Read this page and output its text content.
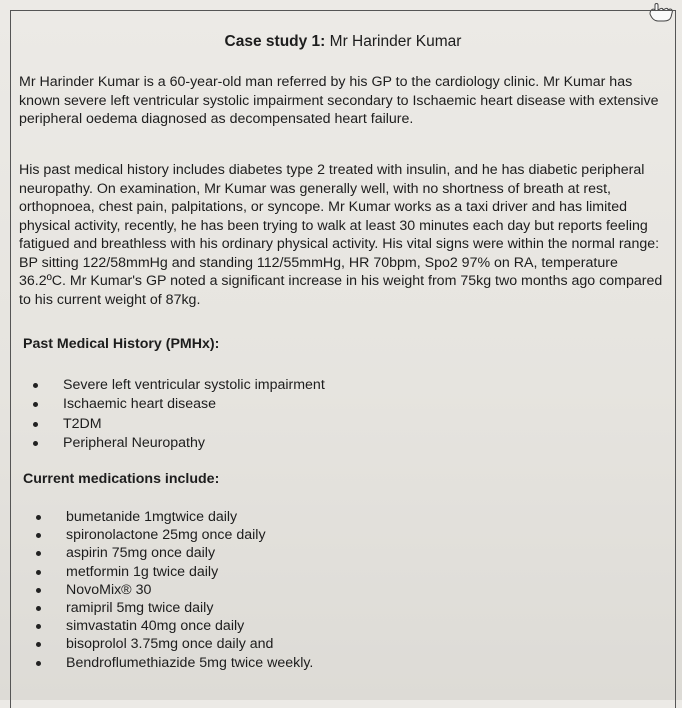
Case study 1: Mr Harinder Kumar
Mr Harinder Kumar is a 60-year-old man referred by his GP to the cardiology clinic. Mr Kumar has known severe left ventricular systolic impairment secondary to Ischaemic heart disease with extensive peripheral oedema diagnosed as decompensated heart failure.
His past medical history includes diabetes type 2 treated with insulin, and he has diabetic peripheral neuropathy. On examination, Mr Kumar was generally well, with no shortness of breath at rest, orthopnoea, chest pain, palpitations, or syncope. Mr Kumar works as a taxi driver and has limited physical activity, recently, he has been trying to walk at least 30 minutes each day but reports feeling fatigued and breathless with his ordinary physical activity. His vital signs were within the normal range: BP sitting 122/58mmHg and standing 112/55mmHg, HR 70bpm, Spo2 97% on RA, temperature 36.2ºC. Mr Kumar's GP noted a significant increase in his weight from 75kg two months ago compared to his current weight of 87kg.
Past Medical History (PMHx):
Severe left ventricular systolic impairment
Ischaemic heart disease
T2DM
Peripheral Neuropathy
Current medications include:
bumetanide 1mgtwice daily
spironolactone 25mg once daily
aspirin 75mg once daily
metformin 1g twice daily
NovoMix® 30
ramipril 5mg twice daily
simvastatin 40mg once daily
bisoprolol 3.75mg once daily and
Bendroflumethiazide 5mg twice weekly.
